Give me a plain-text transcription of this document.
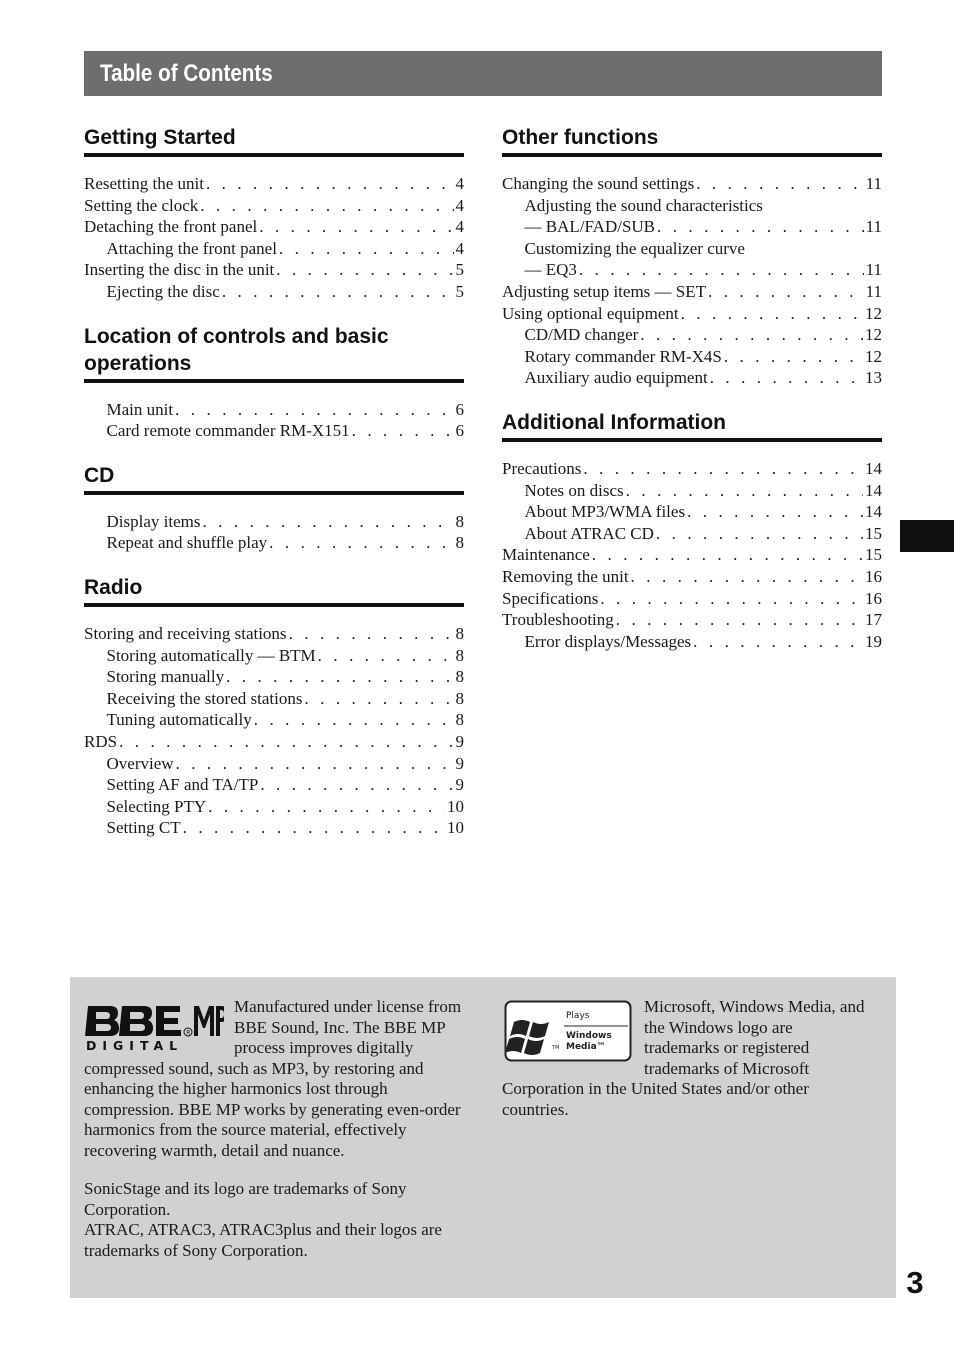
Table of Contents
Getting Started
Resetting the unit . . .	4
Setting the clock . . .	4
Detaching the front panel . . .	4
Attaching the front panel . . .	4
Inserting the disc in the unit . . .	5
Ejecting the disc . . .	5
Location of controls and basic operations
Main unit . . .	6
Card remote commander RM-X151 . . .	6
CD
Display items . . .	8
Repeat and shuffle play . . .	8
Radio
Storing and receiving stations . . .	8
Storing automatically — BTM . . .	8
Storing manually . . .	8
Receiving the stored stations . . .	8
Tuning automatically . . .	8
RDS . . .	9
Overview . . .	9
Setting AF and TA/TP . . .	9
Selecting PTY . . .	10
Setting CT . . .	10
Other functions
Changing the sound settings . . .	11
Adjusting the sound characteristics
— BAL/FAD/SUB . . .	11
Customizing the equalizer curve
— EQ3 . . .	11
Adjusting setup items — SET . . .	11
Using optional equipment . . .	12
CD/MD changer . . .	12
Rotary commander RM-X4S . . .	12
Auxiliary audio equipment . . .	13
Additional Information
Precautions . . .	14
Notes on discs . . .	14
About MP3/WMA files . . .	14
About ATRAC CD . . .	15
Maintenance . . .	15
Removing the unit . . .	16
Specifications . . .	16
Troubleshooting . . .	17
Error displays/Messages . . .	19
R
DIGITAL

Manufactured under license from BBE Sound, Inc. The BBE MP process improves digitally compressed sound, such as MP3, by restoring and enhancing the higher harmonics lost through compression. BBE MP works by generating even-order harmonics from the source material, effectively recovering warmth, detail and nuance.

SonicStage and its logo are trademarks of Sony Corporation.

ATRAC, ATRAC3, ATRAC3plus and their logos are trademarks of Sony Corporation.

Plays
Windows
Media™
TM

Microsoft, Windows Media, and the Windows logo are trademarks or registered trademarks of Microsoft Corporation in the United States and/or other countries.

3
